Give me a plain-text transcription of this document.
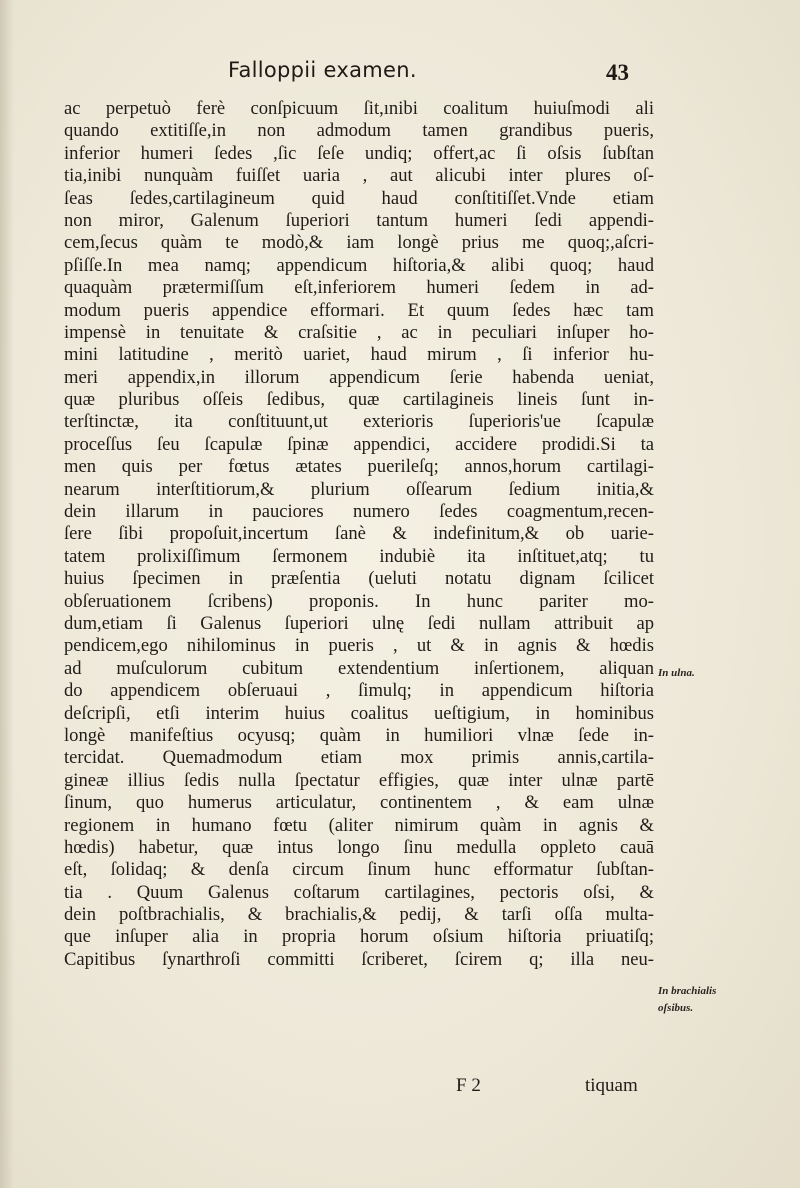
Falloppii examen.	43
ac perpetuò ferè conſpicuum ſit,ınibi coalitum huiuſmodi ali
quando extitiſſe,in non admodum tamen grandibus pueris,
inferior humeri ſedes ,ſic ſeſe undiq; offert,ac ſi oſsis ſubſtan
tia,inibi nunquàm fuiſſet uaria , aut alicubi inter plures oſ-
ſeas ſedes,cartilagineum quid haud conſtitiſſet.Vnde etiam
non miror, Galenum ſuperiori tantum humeri ſedi appendi-
cem,ſecus quàm te modò,& iam longè prius me quoq;,aſcri-
pſiſſe.In mea namq; appendicum hiſtoria,& alibi quoq; haud
quaquàm prætermiſſum eſt,inferiorem humeri ſedem in ad-
modum pueris appendice efformari. Et quum ſedes hæc tam
impensè in tenuitate & craſsitie , ac in peculiari inſuper ho-
mini latitudine , meritò uariet, haud mirum , ſi inferior hu-
meri appendix,in illorum appendicum ſerie habenda ueniat,
quæ pluribus oſſeis ſedibus, quæ cartilagineis lineis ſunt in-
terſtinctæ, ita conſtituunt,ut exterioris ſuperioris'ue ſcapulæ
proceſſus ſeu ſcapulæ ſpinæ appendici, accidere prodidi.Si ta
men quis per fœtus ætates puerileſq; annos,horum cartilagi-
nearum interſtitiorum,& plurium oſſearum ſedium initia,&
dein illarum in pauciores numero ſedes coagmentum,recen-
ſere ſibi propoſuit,incertum ſanè & indefinitum,& ob uarie-
tatem prolixiſſimum ſermonem indubiè ita inſtituet,atq; tu
huius ſpecimen in præſentia (ueluti notatu dignam ſcilicet
obſeruationem ſcribens) proponis. In hunc pariter mo-
dum,etiam ſi Galenus ſuperiori ulnę ſedi nullam attribuit ap
pendicem,ego nihilominus in pueris , ut & in agnis & hœdis
ad muſculorum cubitum extendentium inſertionem, aliquan
do appendicem obſeruaui , ſimulq; in appendicum hiſtoria
deſcripſi, etſi interim huius coalitus ueſtigium, in hominibus
longè manifeſtius ocyusq; quàm in humiliori vlnæ ſede in-
tercidat. Quemadmodum etiam mox primis annis,cartila-
gineæ illius ſedis nulla ſpectatur effigies, quæ inter ulnæ partē
ſinum, quo humerus articulatur, continentem , & eam ulnæ
regionem in humano fœtu (aliter nimirum quàm in agnis &
hœdis) habetur, quæ intus longo ſinu medulla oppleto cauā
eſt, ſolidaq; & denſa circum ſinum hunc efformatur ſubſtan-
tia . Quum Galenus coſtarum cartilagines, pectoris oſsi, &
dein poſtbrachialis, & brachialis,& pedij, & tarſi oſſa multa-
que inſuper alia in propria horum oſsium hiſtoria priuatiſq;
Capitibus ſynarthroſi committi ſcriberet, ſcirem q; illa neu-
In ulna.
In brachialis oſsibus.
F 2	tiquam
